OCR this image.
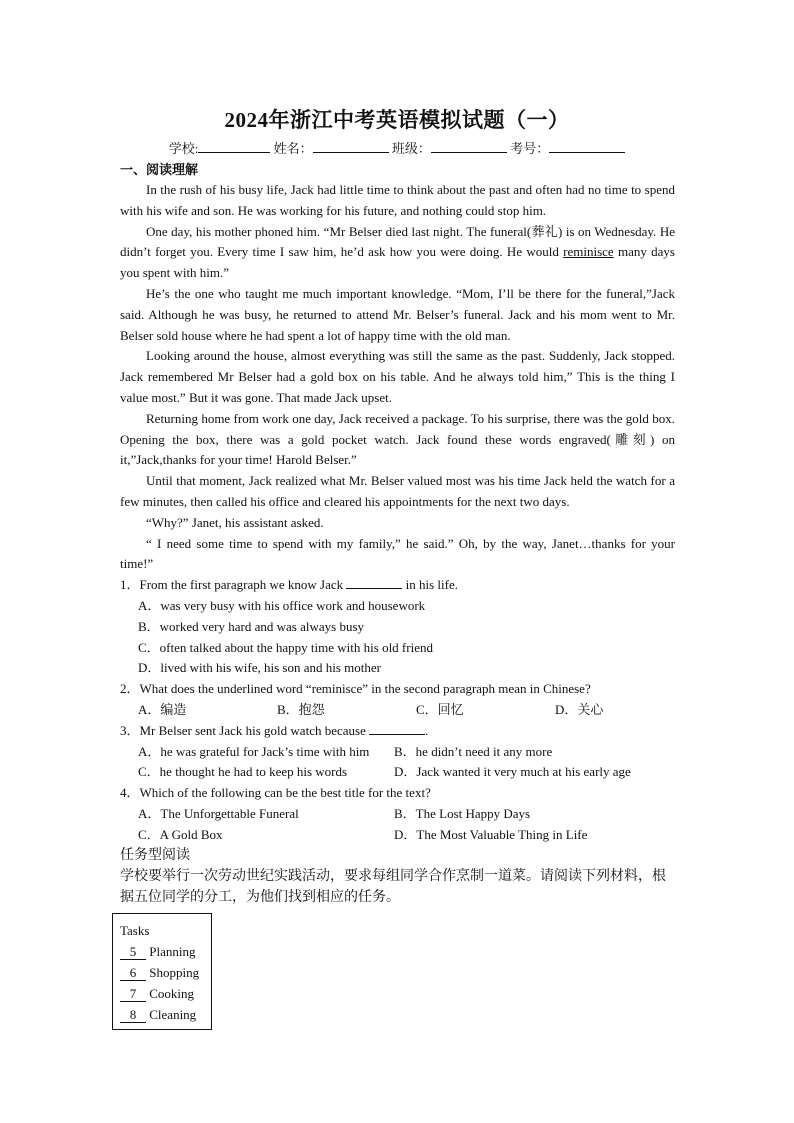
2024年浙江中考英语模拟试题（一）
学校:	姓名：	班级：	考号：

一、阅读理解

In the rush of his busy life, Jack had little time to think about the past and often had no time to spend with his wife and son. He was working for his future, and nothing could stop him.

One day, his mother phoned him. “Mr Belser died last night. The funeral(葬礼) is on Wednesday. He didn’t forget you. Every time I saw him, he’d ask how you were doing. He would reminisce many days you spent with him.”

He’s the one who taught me much important knowledge. “Mom, I’ll be there for the funeral,”Jack said. Although he was busy, he returned to attend Mr. Belser’s funeral. Jack and his mom went to Mr. Belser sold house where he had spent a lot of happy time with the old man.

Looking around the house, almost everything was still the same as the past. Suddenly, Jack stopped. Jack remembered Mr Belser had a gold box on his table. And he always told him,” This is the thing I value most.” But it was gone. That made Jack upset.

Returning home from work one day, Jack received a package. To his surprise, there was the gold box. Opening the box, there was a gold pocket watch. Jack found these words engraved(雕刻) on it,”Jack,thanks for your time! Harold Belser.”

Until that moment, Jack realized what Mr. Belser valued most was his time Jack held the watch for a few minutes, then called his office and cleared his appointments for the next two days.

“Why?” Janet, his assistant asked.

“ I need some time to spend with my family,” he said.” Oh, by the way, Janet…thanks for your time!”

1．From the first paragraph we know Jack	in his life.

A．was very busy with his office work and housework

B．worked very hard and was always busy

C．often talked about the happy time with his old friend

D．lived with his wife, his son and his mother

2．What does the underlined word “reminisce” in the second paragraph mean in Chinese?

A．编造	B．抱怨	C．回忆	D．关心

3．Mr Belser sent Jack his gold watch because	.

A．he was grateful for Jack’s time with him	B．he didn’t need it any more
C．he thought he had to keep his words	D．Jack wanted it very much at his early age

4．Which of the following can be the best title for the text?

A．The Unforgettable Funeral	B．The Lost Happy Days
C．A Gold Box	D．The Most Valuable Thing in Life

任务型阅读

学校要举行一次劳动世纪实践活动，要求每组同学合作烹制一道菜。请阅读下列材料，根据五位同学的分工，为他们找到相应的任务。

Tasks
5 Planning
6 Shopping
7 Cooking
8 Cleaning
